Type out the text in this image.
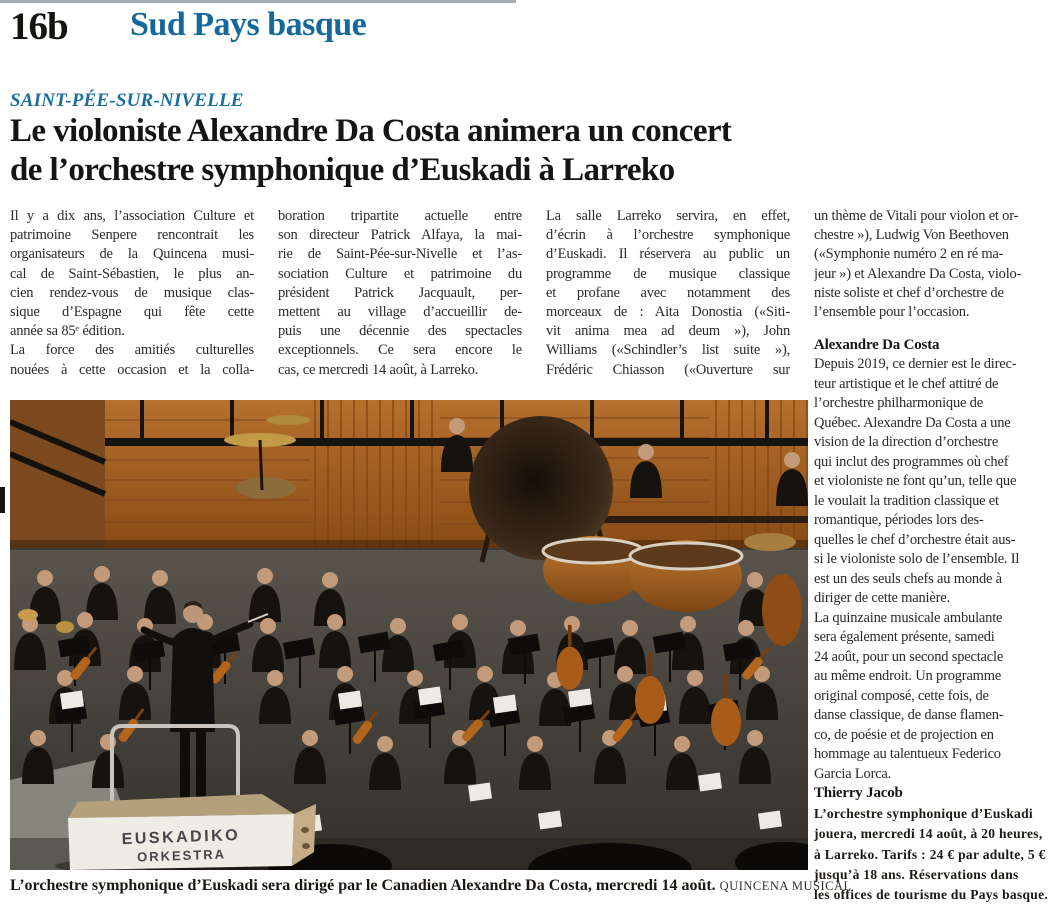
16b Sud Pays basque
SAINT-PÉE-SUR-NIVELLE
Le violoniste Alexandre Da Costa animera un concert
de l’orchestre symphonique d’Euskadi à Larreko
Il y a dix ans, l’association Culture et
patrimoine Senpere rencontrait les
organisateurs de la Quincena musi-
cal de Saint-Sébastien, le plus an-
cien rendez-vous de musique clas-
sique d’Espagne qui fête cette
année sa 85ᵉ édition.
La force des amitiés culturelles
nouées à cette occasion et la colla-
boration tripartite actuelle entre
son directeur Patrick Alfaya, la mai-
rie de Saint-Pée-sur-Nivelle et l’as-
sociation Culture et patrimoine du
président Patrick Jacquault, per-
mettent au village d’accueillir de-
puis une décennie des spectacles
exceptionnels. Ce sera encore le
cas, ce mercredi 14 août, à Larreko.
La salle Larreko servira, en effet,
d’écrin à l’orchestre symphonique
d’Euskadi. Il réservera au public un
programme de musique classique
et profane avec notamment des
morceaux de : Aita Donostia («Siti-
vit anima mea ad deum »), John
Williams («Schindler’s list suite »),
Frédéric Chiasson («Ouverture sur
un thème de Vitali pour violon et or-
chestre »), Ludwig Von Beethoven
(«Symphonie numéro 2 en ré ma-
jeur ») et Alexandre Da Costa, violo-
niste soliste et chef d’orchestre de
l’ensemble pour l’occasion.
Alexandre Da Costa
Depuis 2019, ce dernier est le direc-
teur artistique et le chef attitré de
l’orchestre philharmonique de
Québec. Alexandre Da Costa a une
vision de la direction d’orchestre
qui inclut des programmes où chef
et violoniste ne font qu’un, telle que
le voulait la tradition classique et
romantique, périodes lors des-
quelles le chef d’orchestre était aus-
si le violoniste solo de l’ensemble. Il
est un des seuls chefs au monde à
diriger de cette manière.
La quinzaine musicale ambulante
sera également présente, samedi
24 août, pour un second spectacle
au même endroit. Un programme
original composé, cette fois, de
danse classique, de danse flamen-
co, de poésie et de projection en
hommage au talentueux Federico
Garcia Lorca.
Thierry Jacob
L’orchestre symphonique d’Euskadi
jouera, mercredi 14 août, à 20 heures,
à Larreko. Tarifs : 24 € par adulte, 5 €
jusqu’à 18 ans. Réservations dans
les offices de tourisme du Pays basque.
EUSKADIKO
ORKESTRA
L’orchestre symphonique d’Euskadi sera dirigé par le Canadien Alexandre Da Costa, mercredi 14 août. QUINCENA MUSICAL
